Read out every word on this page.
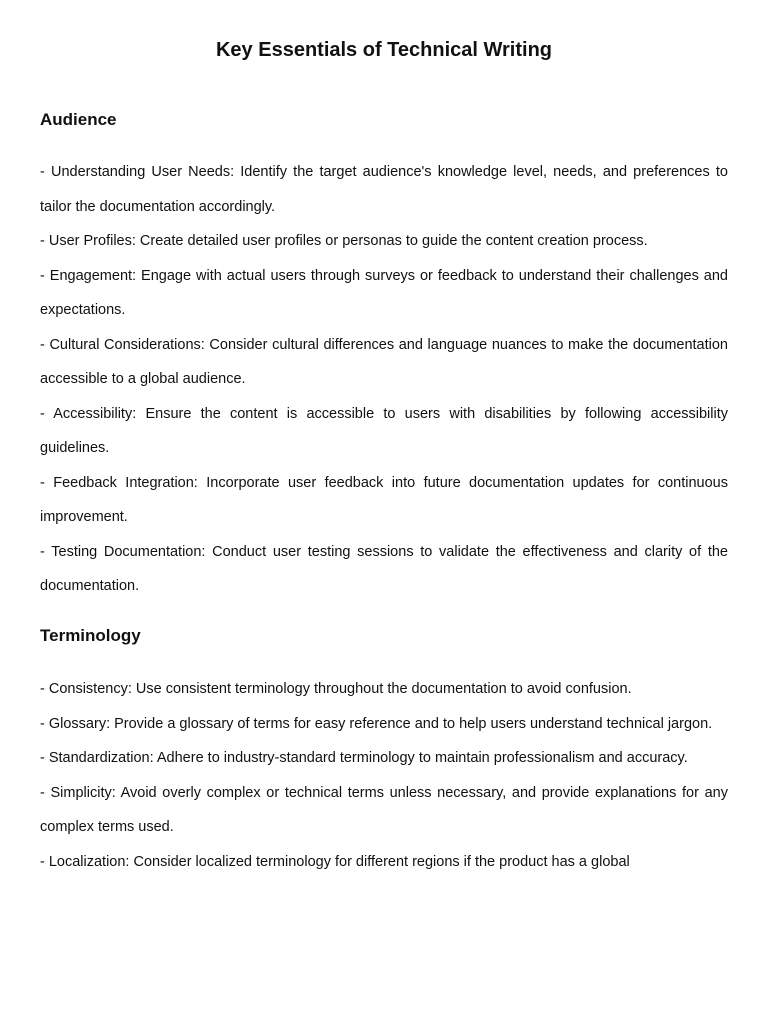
Key Essentials of Technical Writing
Audience
- Understanding User Needs: Identify the target audience's knowledge level, needs, and preferences to tailor the documentation accordingly.
- User Profiles: Create detailed user profiles or personas to guide the content creation process.
- Engagement: Engage with actual users through surveys or feedback to understand their challenges and expectations.
- Cultural Considerations: Consider cultural differences and language nuances to make the documentation accessible to a global audience.
- Accessibility: Ensure the content is accessible to users with disabilities by following accessibility guidelines.
- Feedback Integration: Incorporate user feedback into future documentation updates for continuous improvement.
- Testing Documentation: Conduct user testing sessions to validate the effectiveness and clarity of the documentation.
Terminology
- Consistency: Use consistent terminology throughout the documentation to avoid confusion.
- Glossary: Provide a glossary of terms for easy reference and to help users understand technical jargon.
- Standardization: Adhere to industry-standard terminology to maintain professionalism and accuracy.
- Simplicity: Avoid overly complex or technical terms unless necessary, and provide explanations for any complex terms used.
- Localization: Consider localized terminology for different regions if the product has a global
